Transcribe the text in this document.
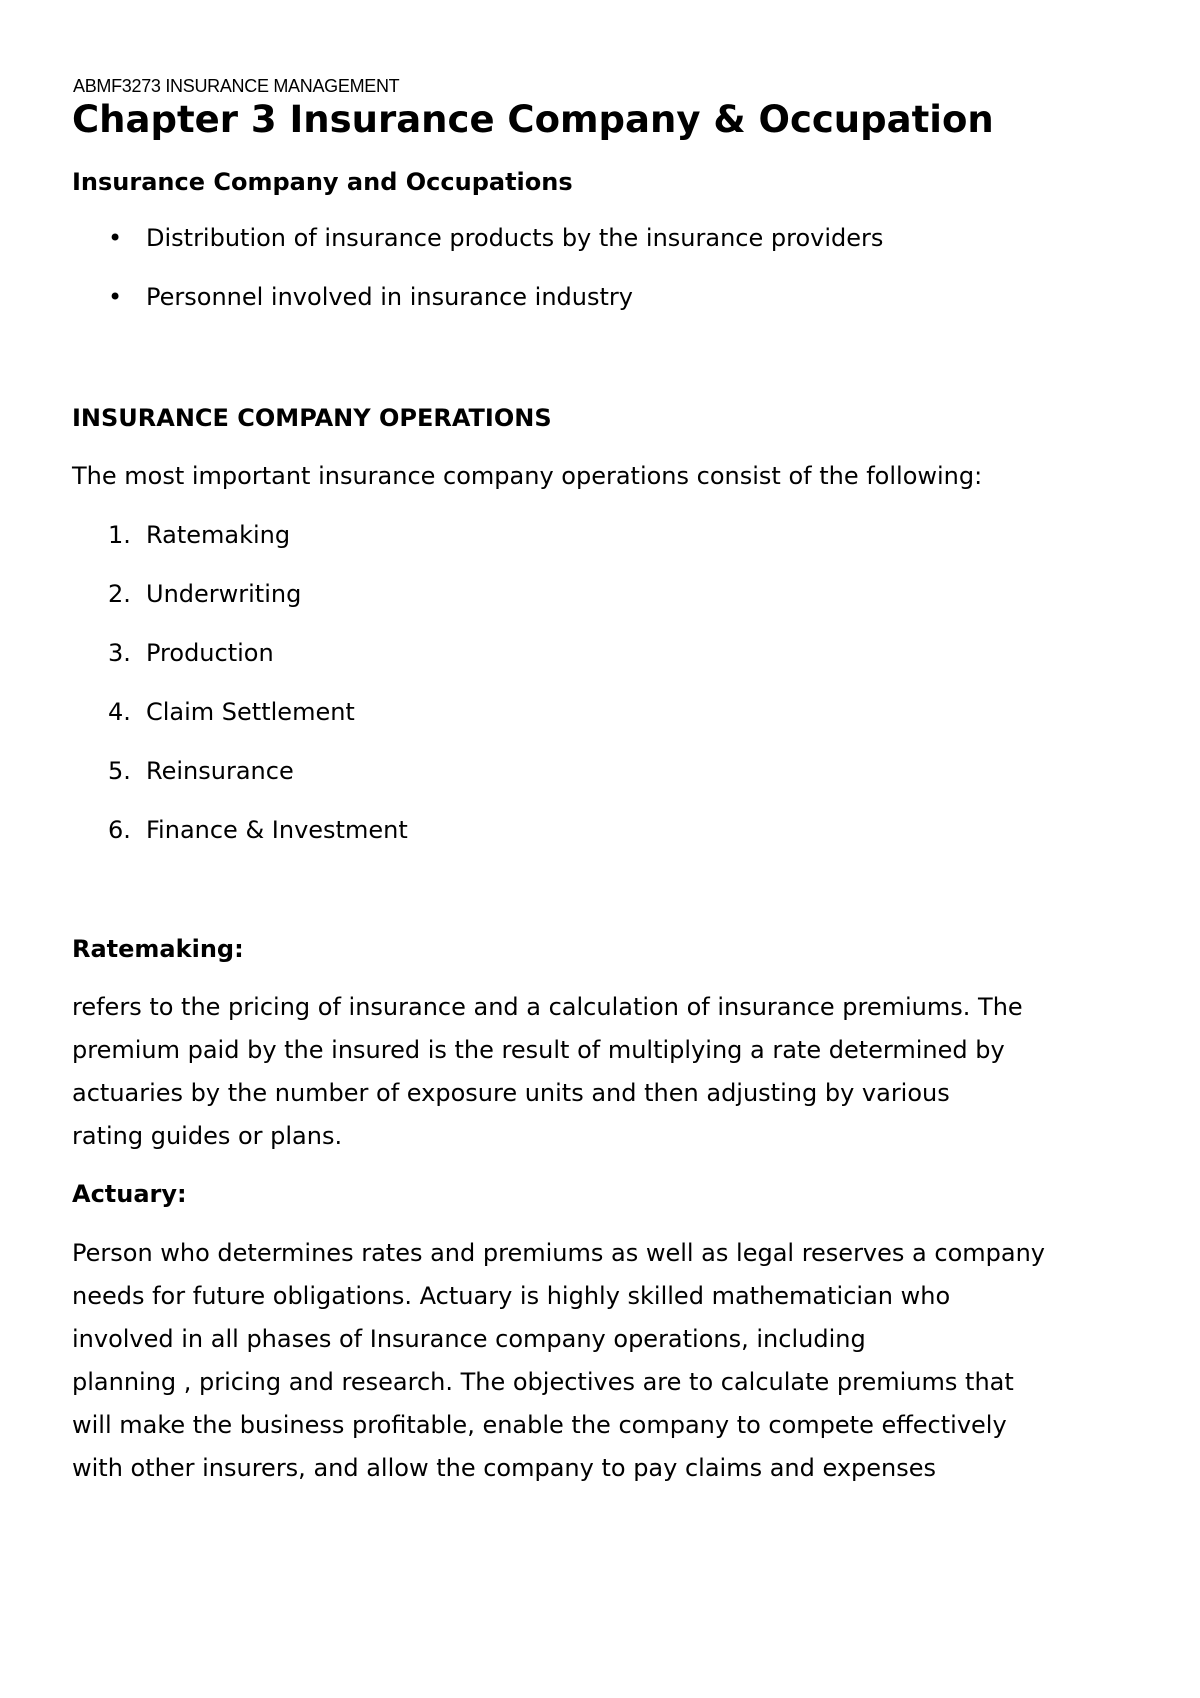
ABMF3273 INSURANCE MANAGEMENT
Chapter 3 Insurance Company & Occupation
Insurance Company and Occupations
• Distribution of insurance products by the insurance providers
• Personnel involved in insurance industry
INSURANCE COMPANY OPERATIONS
The most important insurance company operations consist of the following:
1. Ratemaking
2. Underwriting
3. Production
4. Claim Settlement
5. Reinsurance
6. Finance & Investment
Ratemaking:
refers to the pricing of insurance and a calculation of insurance premiums. The
premium paid by the insured is the result of multiplying a rate determined by
actuaries by the number of exposure units and then adjusting by various
rating guides or plans.
Actuary:
Person who determines rates and premiums as well as legal reserves a company
needs for future obligations. Actuary is highly skilled mathematician who
involved in all phases of Insurance company operations, including
planning , pricing and research. The objectives are to calculate premiums that
will make the business profitable, enable the company to compete effectively
with other insurers, and allow the company to pay claims and expenses
